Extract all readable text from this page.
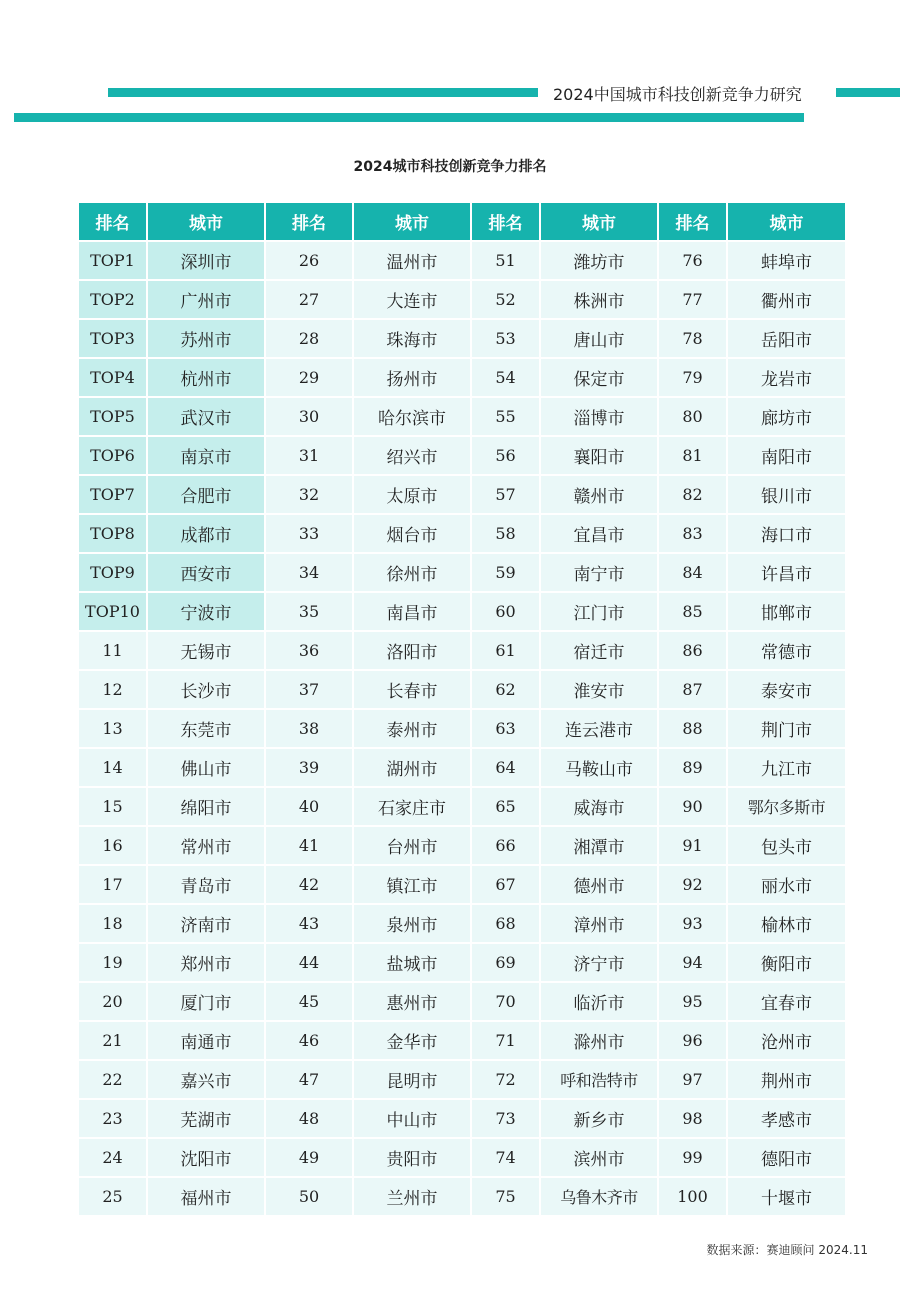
2024中国城市科技创新竞争力研究
2024城市科技创新竞争力排名
排名	城市	排名	城市	排名	城市	排名	城市
TOP1	深圳市	26	温州市	51	潍坊市	76	蚌埠市
TOP2	广州市	27	大连市	52	株洲市	77	衢州市
TOP3	苏州市	28	珠海市	53	唐山市	78	岳阳市
TOP4	杭州市	29	扬州市	54	保定市	79	龙岩市
TOP5	武汉市	30	哈尔滨市	55	淄博市	80	廊坊市
TOP6	南京市	31	绍兴市	56	襄阳市	81	南阳市
TOP7	合肥市	32	太原市	57	赣州市	82	银川市
TOP8	成都市	33	烟台市	58	宜昌市	83	海口市
TOP9	西安市	34	徐州市	59	南宁市	84	许昌市
TOP10	宁波市	35	南昌市	60	江门市	85	邯郸市
11	无锡市	36	洛阳市	61	宿迁市	86	常德市
12	长沙市	37	长春市	62	淮安市	87	泰安市
13	东莞市	38	泰州市	63	连云港市	88	荆门市
14	佛山市	39	湖州市	64	马鞍山市	89	九江市
15	绵阳市	40	石家庄市	65	威海市	90	鄂尔多斯市
16	常州市	41	台州市	66	湘潭市	91	包头市
17	青岛市	42	镇江市	67	德州市	92	丽水市
18	济南市	43	泉州市	68	漳州市	93	榆林市
19	郑州市	44	盐城市	69	济宁市	94	衡阳市
20	厦门市	45	惠州市	70	临沂市	95	宜春市
21	南通市	46	金华市	71	滁州市	96	沧州市
22	嘉兴市	47	昆明市	72	呼和浩特市	97	荆州市
23	芜湖市	48	中山市	73	新乡市	98	孝感市
24	沈阳市	49	贵阳市	74	滨州市	99	德阳市
25	福州市	50	兰州市	75	乌鲁木齐市	100	十堰市
数据来源：赛迪顾问 2024.11
